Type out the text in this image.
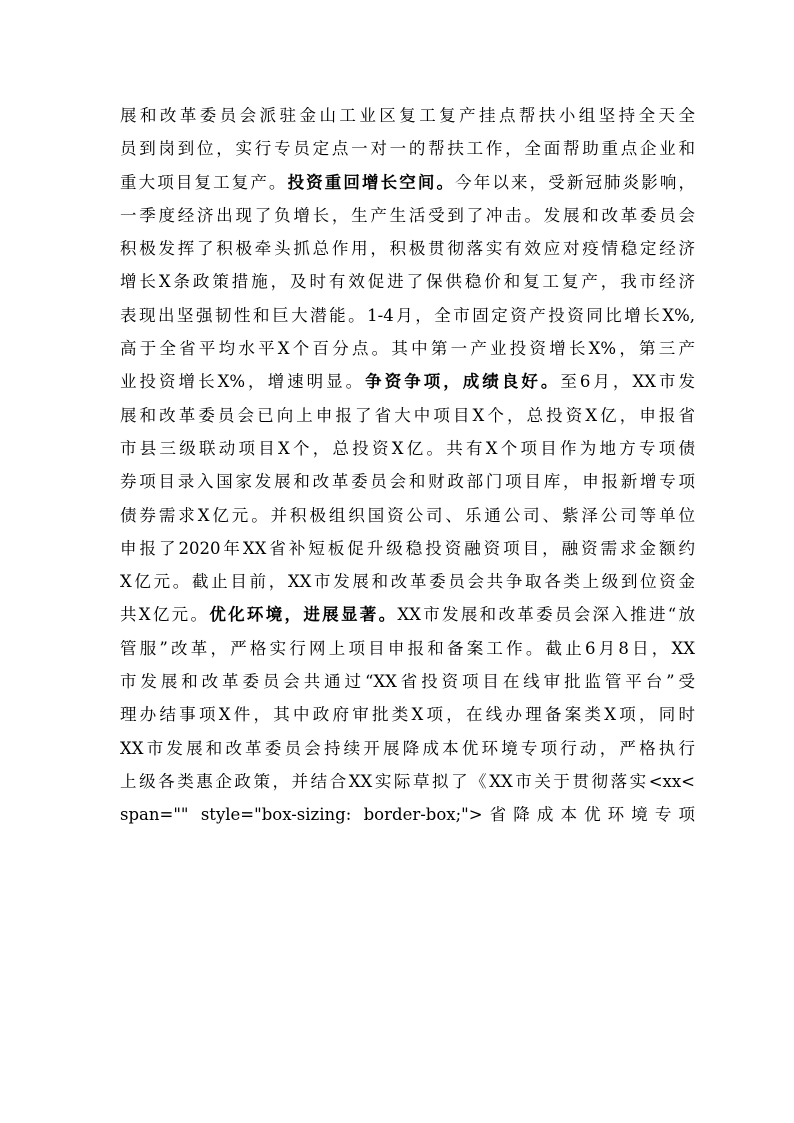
展和改革委员会派驻金山工业区复工复产挂点帮扶小组坚持全天全
员到岗到位，实行专员定点一对一的帮扶工作，全面帮助重点企业和
重大项目复工复产。投资重回增长空间。今年以来，受新冠肺炎影响，
一季度经济出现了负增长，生产生活受到了冲击。发展和改革委员会
积极发挥了积极牵头抓总作用，积极贯彻落实有效应对疫情稳定经济
增长X条政策措施，及时有效促进了保供稳价和复工复产，我市经济
表现出坚强韧性和巨大潜能。1-4月，全市固定资产投资同比增长X%,
高于全省平均水平X个百分点。其中第一产业投资增长X%，第三产
业投资增长X%，增速明显。争资争项，成绩良好。至6月，XX市发
展和改革委员会已向上申报了省大中项目X个，总投资X亿，申报省
市县三级联动项目X个，总投资X亿。共有X个项目作为地方专项债
券项目录入国家发展和改革委员会和财政部门项目库，申报新增专项
债券需求X亿元。并积极组织国资公司、乐通公司、紫泽公司等单位
申报了2020年XX省补短板促升级稳投资融资项目，融资需求金额约
X亿元。截止目前，XX市发展和改革委员会共争取各类上级到位资金
共X亿元。优化环境，进展显著。XX市发展和改革委员会深入推进“放
管服”改革，严格实行网上项目申报和备案工作。截止6月8日，XX
市发展和改革委员会共通过“XX省投资项目在线审批监管平台”受
理办结事项X件，其中政府审批类X项，在线办理备案类X项，同时
XX市发展和改革委员会持续开展降成本优环境专项行动，严格执行
上级各类惠企政策，并结合XX实际草拟了《XX市关于贯彻落实<xx<
span="" style="box-sizing: border-box;">省降成本优环境专项
